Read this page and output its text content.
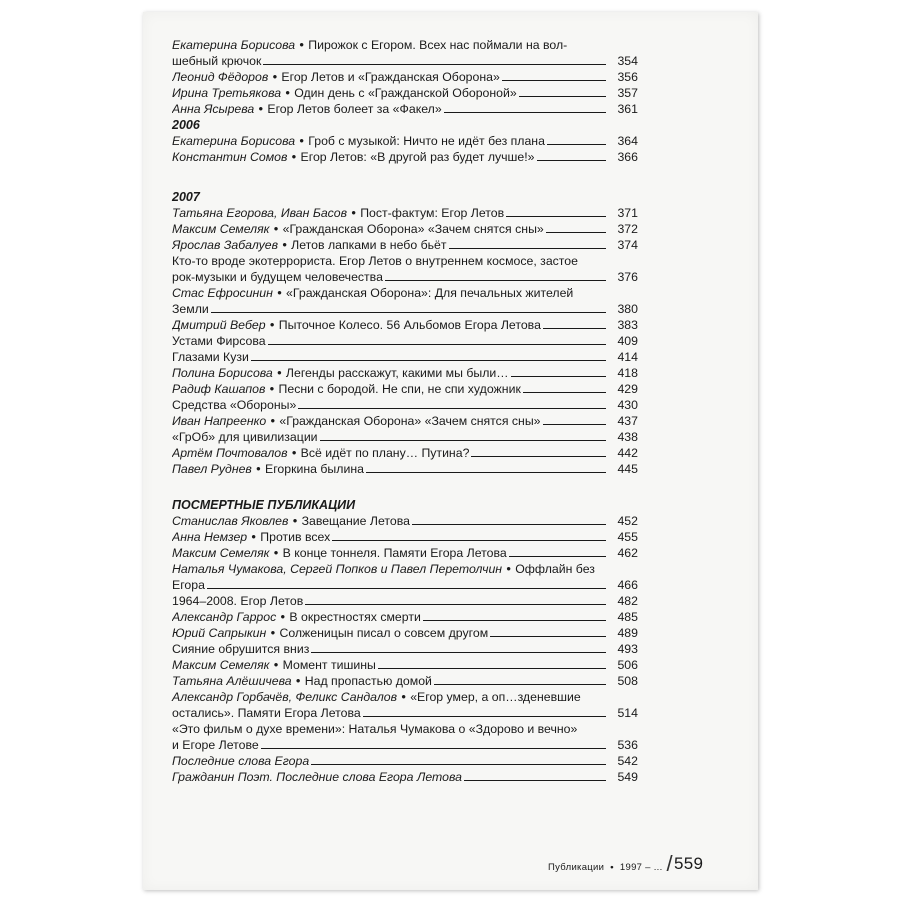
Екатерина Борисова • Пирожок с Егором. Всех нас поймали на вол-
шебный крючок	354
Леонид Фёдоров • Егор Летов и «Гражданская Оборона»	356
Ирина Третьякова • Один день с «Гражданской Обороной»	357
Анна Ясырева • Егор Летов болеет за «Факел»	361
2006
Екатерина Борисова • Гроб с музыкой: Ничто не идёт без плана	364
Константин Сомов • Егор Летов: «В другой раз будет лучше!»	366
2007
Татьяна Егорова, Иван Басов • Пост-фактум: Егор Летов	371
Максим Семеляк • «Гражданская Оборона» «Зачем снятся сны»	372
Ярослав Забалуев • Летов лапками в небо бьёт	374
Кто-то вроде экотеррориста. Егор Летов о внутреннем космосе, застое
рок-музыки и будущем человечества	376
Стас Ефросинин • «Гражданская Оборона»: Для печальных жителей
Земли	380
Дмитрий Вебер • Пыточное Колесо. 56 Альбомов Егора Летова	383
Устами Фирсова	409
Глазами Кузи	414
Полина Борисова • Легенды расскажут, какими мы были…	418
Радиф Кашапов • Песни с бородой. Не спи, не спи художник	429
Средства «Обороны»	430
Иван Напреенко • «Гражданская Оборона» «Зачем снятся сны»	437
«ГрОб» для цивилизации	438
Артём Почтовалов • Всё идёт по плану… Путина?	442
Павел Руднев • Егоркина былина	445
ПОСМЕРТНЫЕ ПУБЛИКАЦИИ
Станислав Яковлев • Завещание Летова	452
Анна Немзер • Против всех	455
Максим Семеляк • В конце тоннеля. Памяти Егора Летова	462
Наталья Чумакова, Сергей Попков и Павел Перетолчин • Оффлайн без
Егора	466
1964–2008. Егор Летов	482
Александр Гаррос • В окрестностях смерти	485
Юрий Сапрыкин • Солженицын писал о совсем другом	489
Сияние обрушится вниз	493
Максим Семеляк • Момент тишины	506
Татьяна Алёшичева • Над пропастью домой	508
Александр Горбачёв, Феликс Сандалов • «Егор умер, а оп…зденевшие
остались». Памяти Егора Летова	514
«Это фильм о духе времени»: Наталья Чумакова о «Здорово и вечно»
и Егоре Летове	536
Последние слова Егора	542
Гражданин Поэт. Последние слова Егора Летова	549
Публикации • 1997 – ... / 559
